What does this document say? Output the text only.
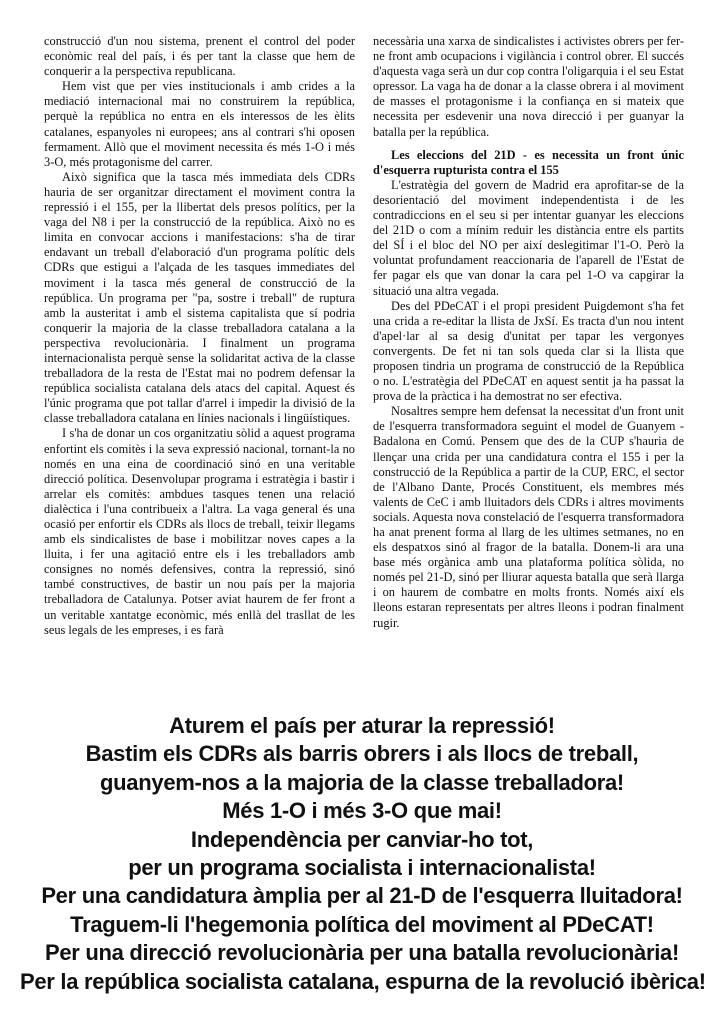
construcció d'un nou sistema, prenent el control del poder econòmic real del país, i és per tant la classe que hem de conquerir a la perspectiva republicana.

Hem vist que per vies institucionals i amb crides a la mediació internacional mai no construirem la república, perquè la república no entra en els interessos de les èlits catalanes, espanyoles ni europees; ans al contrari s'hi oposen fermament. Allò que el moviment necessita és més 1-O i més 3-O, més protagonisme del carrer.

Això significa que la tasca més immediata dels CDRs hauria de ser organitzar directament el moviment contra la repressió i el 155, per la llibertat dels presos polítics, per la vaga del N8 i per la construcció de la república. Això no es limita en convocar accions i manifestacions: s'ha de tirar endavant un treball d'elaboració d'un programa polític dels CDRs que estigui a l'alçada de les tasques immediates del moviment i la tasca més general de construcció de la república. Un programa per "pa, sostre i treball" de ruptura amb la austeritat i amb el sistema capitalista que sí podria conquerir la majoria de la classe treballadora catalana a la perspectiva revolucionària. I finalment un programa internacionalista perquè sense la solidaritat activa de la classe treballadora de la resta de l'Estat mai no podrem defensar la república socialista catalana dels atacs del capital. Aquest és l'únic programa que pot tallar d'arrel i impedir la divisió de la classe treballadora catalana en línies nacionals i lingüístiques.

I s'ha de donar un cos organitzatiu sòlid a aquest programa enfortint els comitès i la seva expressió nacional, tornant-la no només en una eina de coordinació sinó en una veritable direcció política. Desenvolupar programa i estratègia i bastir i arrelar els comitès: ambdues tasques tenen una relació dialèctica i l'una contribueix a l'altra. La vaga general és una ocasió per enfortir els CDRs als llocs de treball, teixir llegams amb els sindicalistes de base i mobilitzar noves capes a la lluita, i fer una agitació entre els i les treballadors amb consignes no només defensives, contra la repressió, sinó també constructives, de bastir un nou país per la majoria treballadora de Catalunya. Potser aviat haurem de fer front a un veritable xantatge econòmic, més enllà del trasllat de les seus legals de les empreses, i es farà

necessària una xarxa de sindicalistes i activistes obrers per fer-ne front amb ocupacions i vigilància i control obrer. El succés d'aquesta vaga serà un dur cop contra l'oligarquia i el seu Estat opressor. La vaga ha de donar a la classe obrera i al moviment de masses el protagonisme i la confiança en si mateix que necessita per esdevenir una nova direcció i per guanyar la batalla per la república.

Les eleccions del 21D - es necessita un front únic d'esquerra rupturista contra el 155

L'estratègia del govern de Madrid era aprofitar-se de la desorientació del moviment independentista i de les contradiccions en el seu si per intentar guanyar les eleccions del 21D o com a mínim reduir les distància entre els partits del SÍ i el bloc del NO per així deslegitimar l'1-O. Però la voluntat profundament reaccionaria de l'aparell de l'Estat de fer pagar els que van donar la cara pel 1-O va capgirar la situació una altra vegada.

Des del PDeCAT i el propi president Puigdemont s'ha fet una crida a re-editar la llista de JxSí. Es tracta d'un nou intent d'apel·lar al sa desig d'unitat per tapar les vergonyes convergents. De fet ni tan sols queda clar si la llista que proposen tindria un programa de construcció de la República o no. L'estratègia del PDeCAT en aquest sentit ja ha passat la prova de la pràctica i ha demostrat no ser efectiva.

Nosaltres sempre hem defensat la necessitat d'un front unit de l'esquerra transformadora seguint el model de Guanyem - Badalona en Comú. Pensem que des de la CUP s'hauria de llençar una crida per una candidatura contra el 155 i per la construcció de la República a partir de la CUP, ERC, el sector de l'Albano Dante, Procés Constituent, els membres més valents de CeC i amb lluitadors dels CDRs i altres moviments socials. Aquesta nova constelació de l'esquerra transformadora ha anat prenent forma al llarg de les ultimes setmanes, no en els despatxos sinó al fragor de la batalla. Donem-li ara una base més orgànica amb una plataforma política sòlida, no només pel 21-D, sinó per lliurar aquesta batalla que serà llarga i on haurem de combatre en molts fronts. Només així els lleons estaran representats per altres lleons i podran finalment rugir.

Aturem el país per aturar la repressió!
Bastim els CDRs als barris obrers i als llocs de treball,
guanyem-nos a la majoria de la classe treballadora!
Més 1-O i més 3-O que mai!
Independència per canviar-ho tot,
per un programa socialista i internacionalista!
Per una candidatura àmplia per al 21-D de l'esquerra lluitadora!
Traguem-li l'hegemonia política del moviment al PDeCAT!
Per una direcció revolucionària per una batalla revolucionària!
Per la república socialista catalana, espurna de la revolució ibèrica!
